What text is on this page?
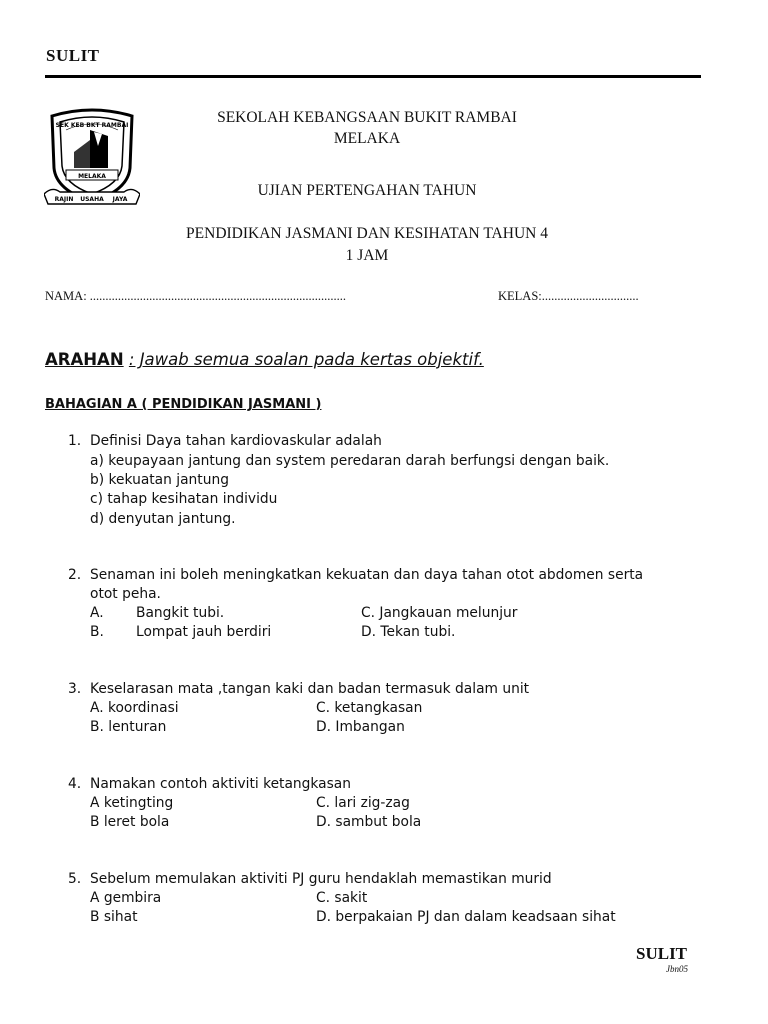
SULIT
SEK KEB BKT RAMBAI
MELAKA
RAJIN USAHA JAYA
SEKOLAH KEBANGSAAN BUKIT RAMBAI
MELAKA
UJIAN PERTENGAHAN TAHUN
PENDIDIKAN JASMANI DAN KESIHATAN TAHUN 4
1 JAM
NAMA: ..................................................................................	KELAS:...............................
ARAHAN : Jawab semua soalan pada kertas objektif.
BAHAGIAN A ( PENDIDIKAN JASMANI )
1. Definisi Daya tahan kardiovaskular adalah
a) keupayaan jantung dan system peredaran darah berfungsi dengan baik.
b) kekuatan jantung
c) tahap kesihatan individu
d) denyutan jantung.
2. Senaman ini boleh meningkatkan kekuatan dan daya tahan otot abdomen serta
otot peha.
A. Bangkit tubi.	C. Jangkauan melunjur
B. Lompat jauh berdiri	D. Tekan tubi.
3. Keselarasan mata ,tangan kaki dan badan termasuk dalam unit
A. koordinasi	C. ketangkasan
B. lenturan	D. Imbangan
4. Namakan contoh aktiviti ketangkasan
A ketingting	C. lari zig-zag
B leret bola	D. sambut bola
5. Sebelum memulakan aktiviti PJ guru hendaklah memastikan murid
A gembira	C. sakit
B sihat	D. berpakaian PJ dan dalam keadsaan sihat
SULIT
Jbn05
